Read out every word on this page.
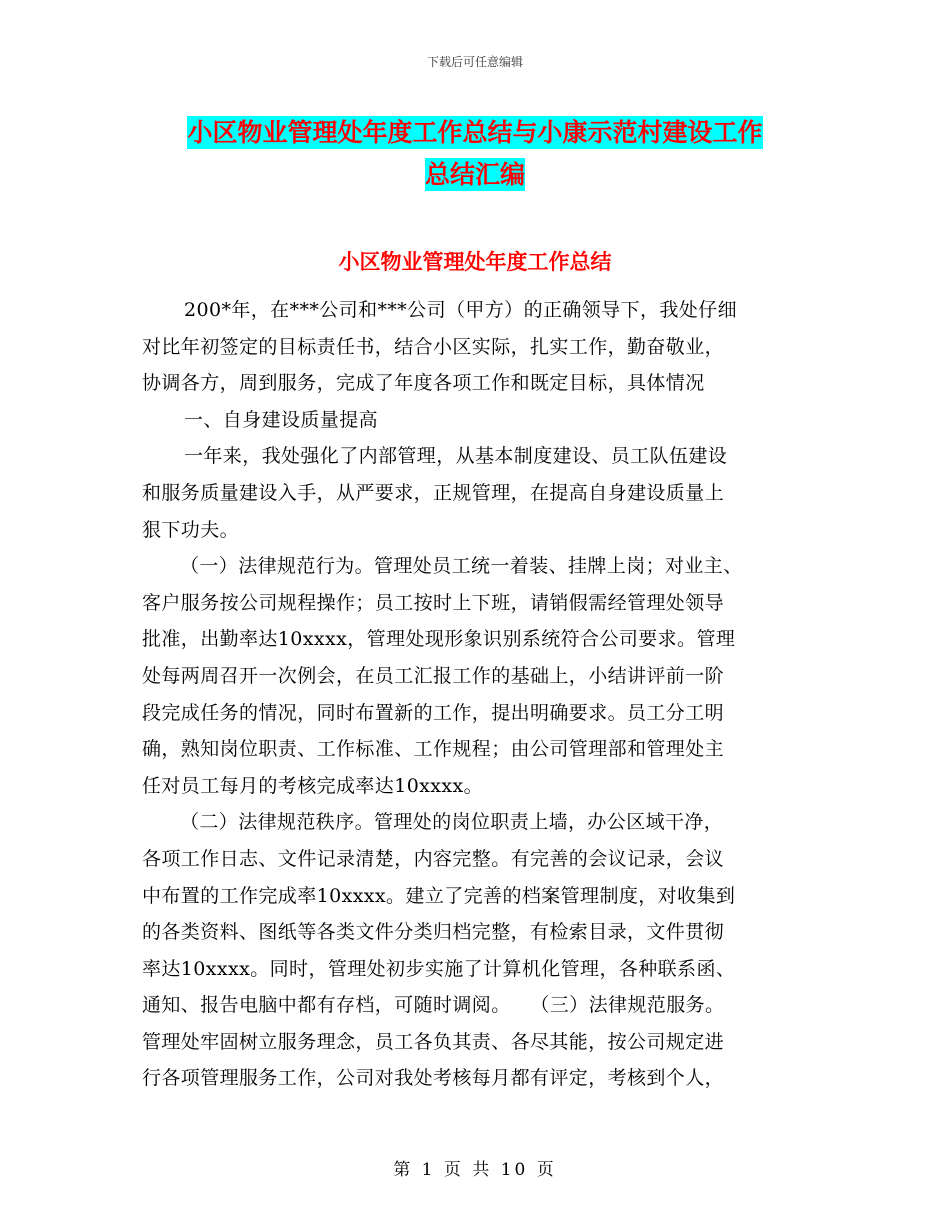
下载后可任意编辑
小区物业管理处年度工作总结与小康示范村建设工作
总结汇编
小区物业管理处年度工作总结
200*年，在***公司和***公司（甲方）的正确领导下，我处仔细
对比年初签定的目标责任书，结合小区实际，扎实工作，勤奋敬业，
协调各方，周到服务，完成了年度各项工作和既定目标，具体情况
一、自身建设质量提高
一年来，我处强化了内部管理，从基本制度建设、员工队伍建设
和服务质量建设入手，从严要求，正规管理，在提高自身建设质量上
狠下功夫。
（一）法律规范行为。管理处员工统一着装、挂牌上岗；对业主、
客户服务按公司规程操作；员工按时上下班，请销假需经管理处领导
批准，出勤率达10xxxx，管理处现形象识别系统符合公司要求。管理
处每两周召开一次例会，在员工汇报工作的基础上，小结讲评前一阶
段完成任务的情况，同时布置新的工作，提出明确要求。员工分工明
确，熟知岗位职责、工作标准、工作规程；由公司管理部和管理处主
任对员工每月的考核完成率达10xxxx。
（二）法律规范秩序。管理处的岗位职责上墙，办公区域干净，
各项工作日志、文件记录清楚，内容完整。有完善的会议记录，会议
中布置的工作完成率10xxxx。建立了完善的档案管理制度，对收集到
的各类资料、图纸等各类文件分类归档完整，有检索目录，文件贯彻
率达10xxxx。同时，管理处初步实施了计算机化管理，各种联系函、
通知、报告电脑中都有存档，可随时调阅。　　（三）法律规范服务。
管理处牢固树立服务理念，员工各负其责、各尽其能，按公司规定进
行各项管理服务工作，公司对我处考核每月都有评定，考核到个人，
第 1 页 共 10 页
